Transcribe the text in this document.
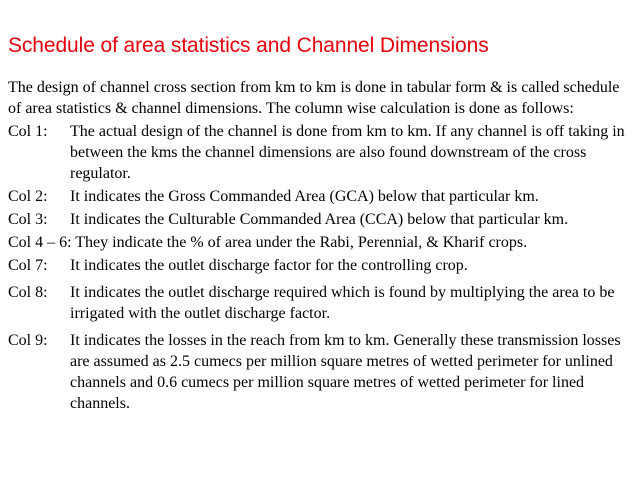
Schedule of area statistics and Channel Dimensions
The design of channel cross section from km to km is done in tabular form & is called schedule of area statistics & channel dimensions. The column wise calculation is done as follows:
Col 1:	The actual design of the channel is done from km to km. If any channel is off taking in between the kms the channel dimensions are also found downstream of the cross regulator.
Col 2:	It indicates the Gross Commanded Area (GCA) below that particular km.
Col 3:	It indicates the Culturable Commanded Area (CCA) below that particular km.
Col 4 – 6: They indicate the % of area under the Rabi, Perennial, & Kharif crops.
Col 7:	It indicates the outlet discharge factor for the controlling crop.
Col 8:	It indicates the outlet discharge required which is found by multiplying the area to be irrigated with the outlet discharge factor.
Col 9:	It indicates the losses in the reach from km to km. Generally these transmission losses are assumed as 2.5 cumecs per million square metres of wetted perimeter for unlined channels and 0.6 cumecs per million square metres of wetted perimeter for lined channels.
